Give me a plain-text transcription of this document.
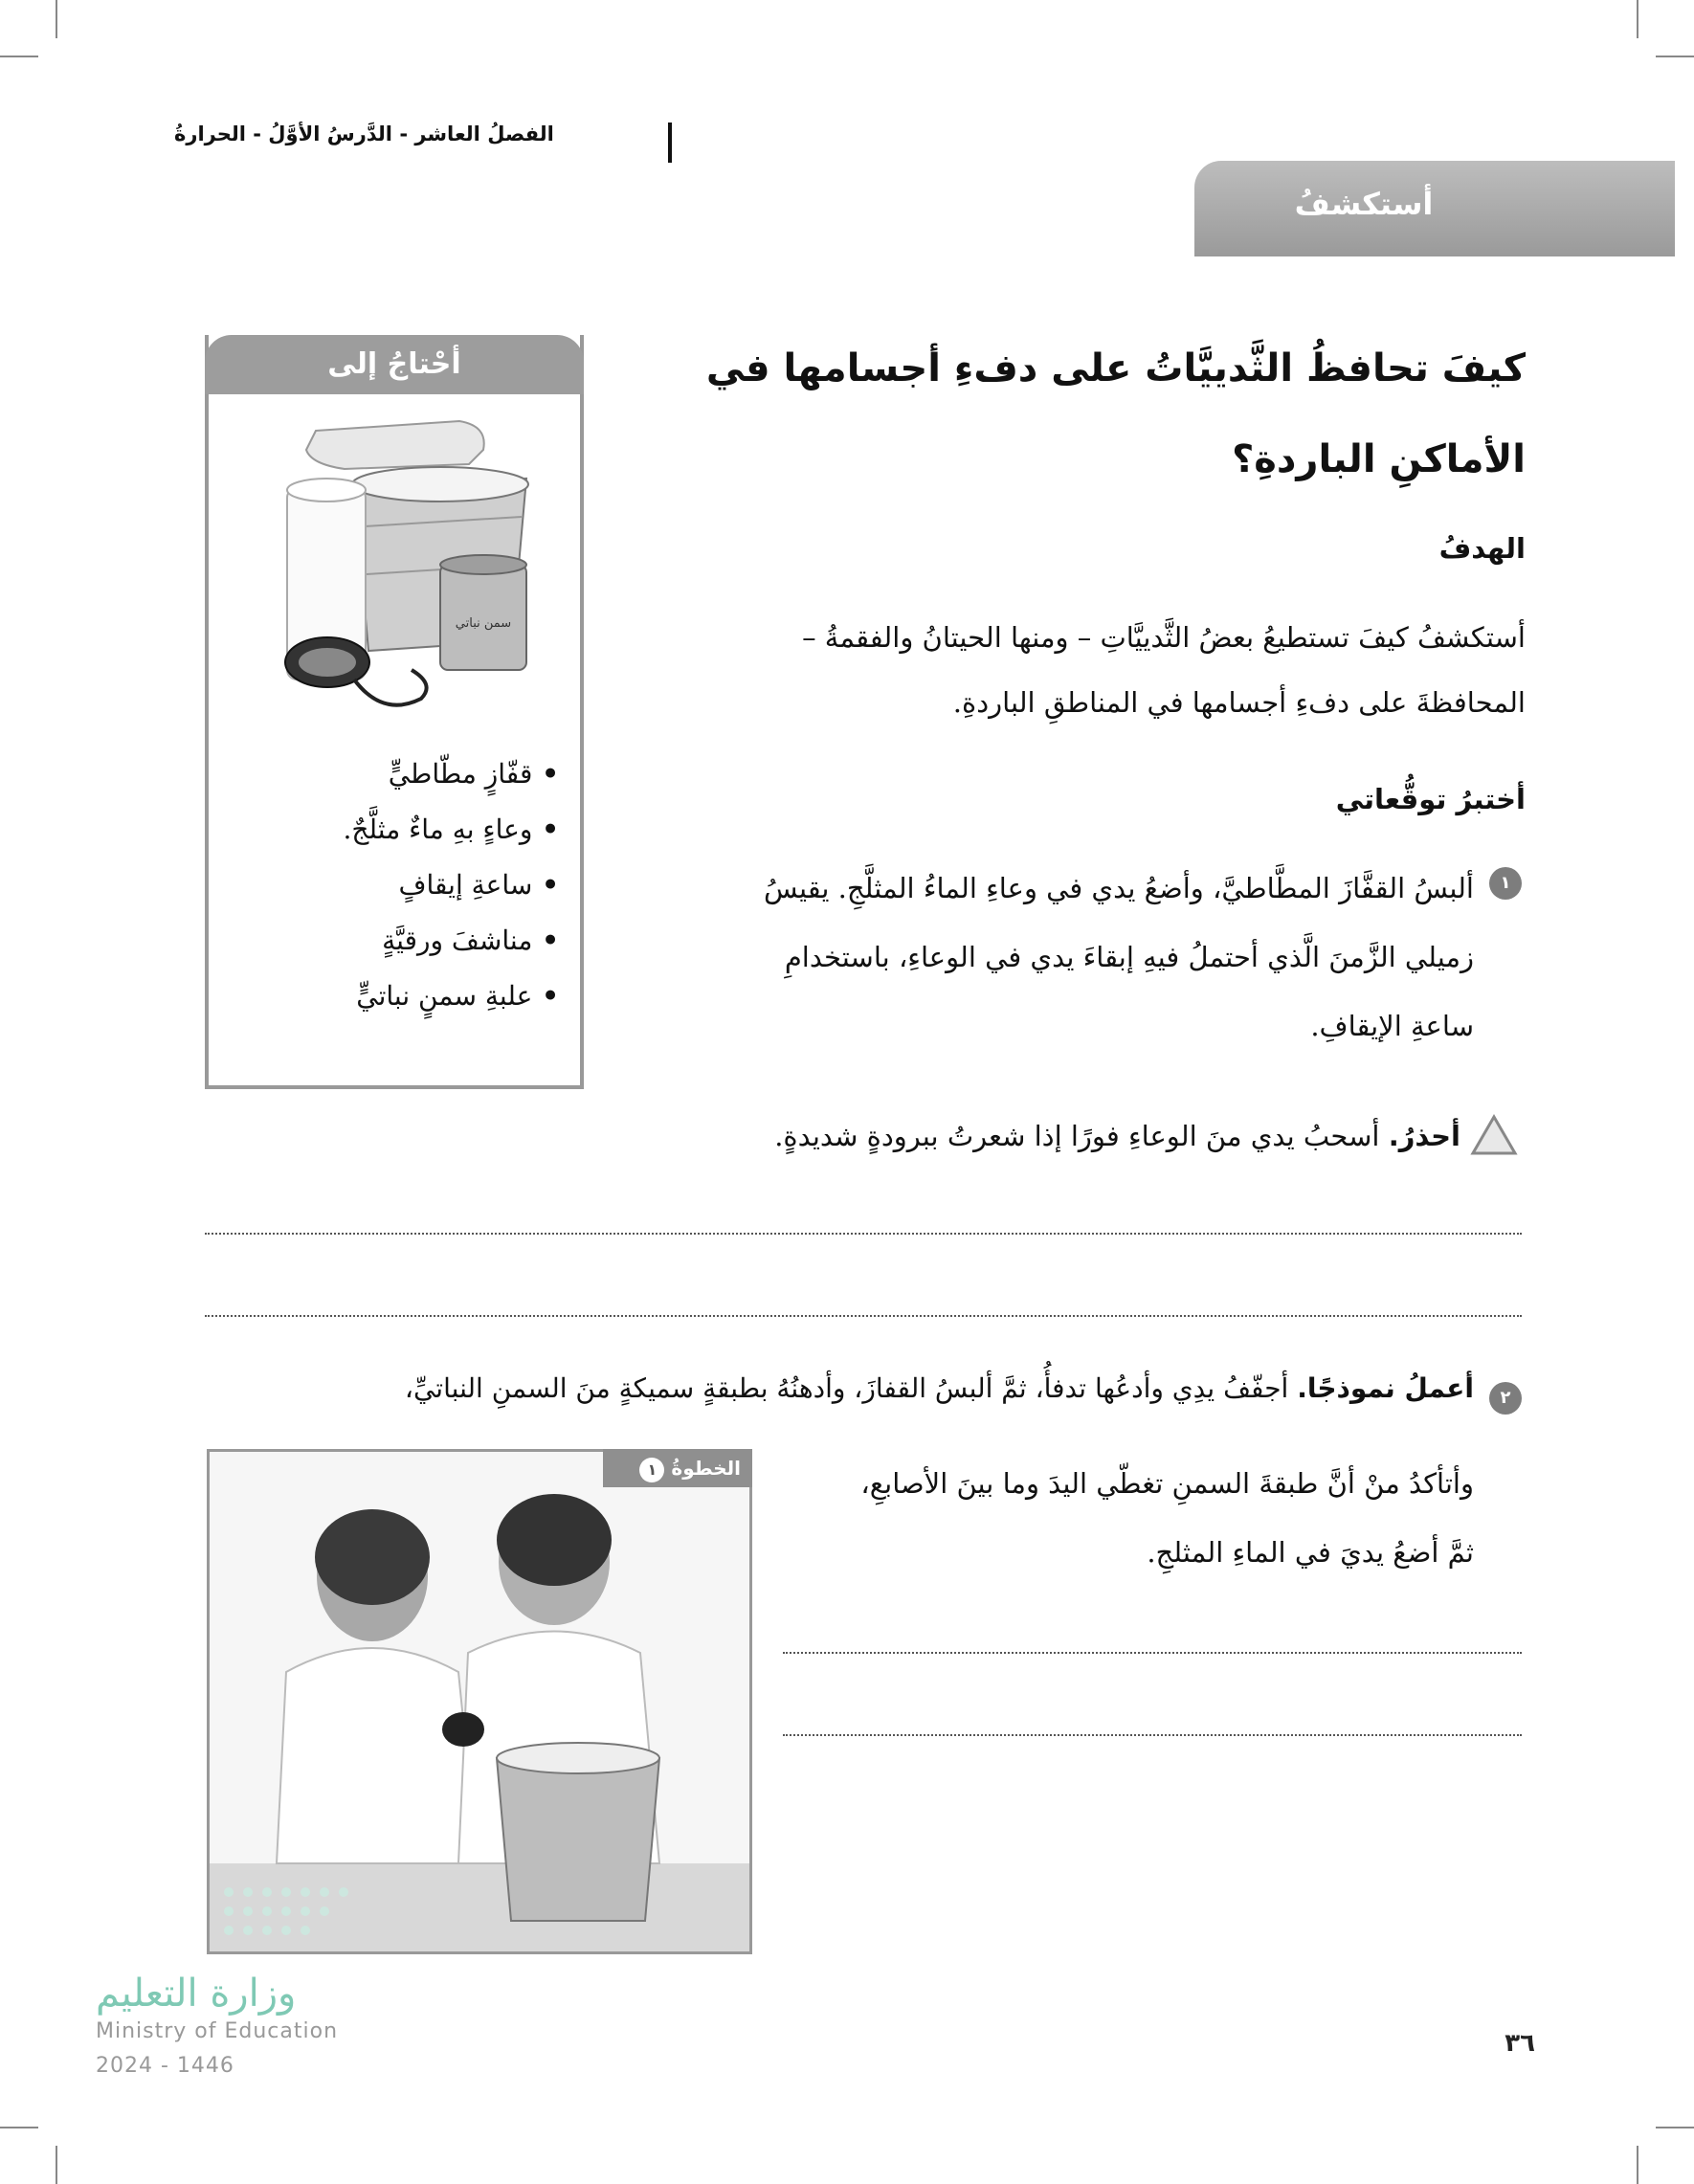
الفصلُ العاشر - الدَّرسُ الأوَّلُ - الحرارةُ
أستكشفُ
كيفَ تحافظُ الثَّدييَّاتُ على دفءِ أجسامها في
الأماكنِ الباردةِ؟
الهدفُ
أستكشفُ كيفَ تستطيعُ بعضُ الثَّدييَّاتِ – ومنها الحيتانُ والفقمةُ –
المحافظةَ على دفءِ أجسامها في المناطقِ الباردةِ.
أختبرُ توقُّعاتي
١
ألبسُ القفَّازَ المطَّاطيَّ، وأضعُ يدي في وعاءِ الماءُ المثلَّجِ. يقيسُ
زميلي الزَّمنَ الَّذي أحتملُ فيهِ إبقاءَ يدي في الوعاءِ، باستخدامِ
ساعةِ الإيقافِ.
أحذرُ. أسحبُ يدي منَ الوعاءِ فورًا إذا شعرتُ ببرودةٍ شديدةٍ.
أحْتاجُ إلى
سمن نباتي
• قفّازٍ مطّاطيٍّ
• وعاءٍ بهِ ماءٌ مثلَّجٌ.
• ساعةِ إيقافٍ
• مناشفَ ورقيَّةٍ
• علبةِ سمنٍ نباتيٍّ
٢
أعملُ نموذجًا. أجفّفُ يدِي وأدعُها تدفأُ، ثمَّ ألبسُ القفازَ، وأدهنُهُ بطبقةٍ سميكةٍ منَ السمنِ النباتيِّ،
وأتأكدُ منْ أنَّ طبقةَ السمنِ تغطّي اليدَ وما بينَ الأصابعِ،
ثمَّ أضعُ يديَ في الماءِ المثلجِ.
الخطوةُ ١
وزارة التعليم
Ministry of Education
2024 - 1446
٣٦
